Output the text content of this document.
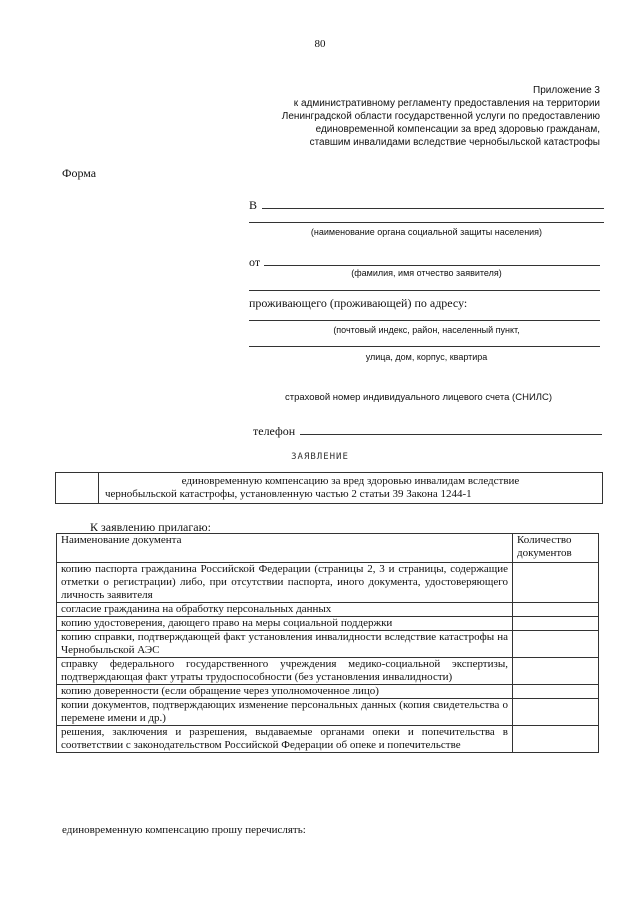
80
Приложение 3
к административному регламенту предоставления на территории
Ленинградской области государственной услуги по предоставлению
единовременной компенсации за вред здоровью гражданам,
ставшим инвалидами вследствие чернобыльской катастрофы
Форма
В
(наименование органа социальной защиты населения)
от
(фамилия, имя отчество заявителя)
проживающего (проживающей) по адресу:
(почтовый индекс, район, населенный пункт,
улица, дом, корпус, квартира
страховой номер индивидуального лицевого счета (СНИЛС)
телефон
ЗАЯВЛЕНИЕ
единовременную компенсацию за вред здоровью инвалидам вследствие
чернобыльской катастрофы, установленную частью 2 статьи 39 Закона 1244-1
К заявлению прилагаю:
Наименование документа	Количество документов
копию паспорта гражданина Российской Федерации (страницы 2, 3 и страницы, содержащие отметки о регистрации) либо, при отсутствии паспорта, иного документа, удостоверяющего личность заявителя	
согласие гражданина на обработку персональных данных	
копию удостоверения, дающего право на меры социальной поддержки	
копию справки, подтверждающей факт установления инвалидности вследствие катастрофы на Чернобыльской АЭС	
справку федерального государственного учреждения медико-социальной экспертизы, подтверждающая факт утраты трудоспособности (без установления инвалидности)	
копию доверенности (если обращение через уполномоченное лицо)	
копии документов, подтверждающих изменение персональных данных (копия свидетельства о перемене имени и др.)	
решения, заключения и разрешения, выдаваемые органами опеки и попечительства в соответствии с законодательством Российской Федерации об опеке и попечительстве	
единовременную компенсацию прошу перечислять:
